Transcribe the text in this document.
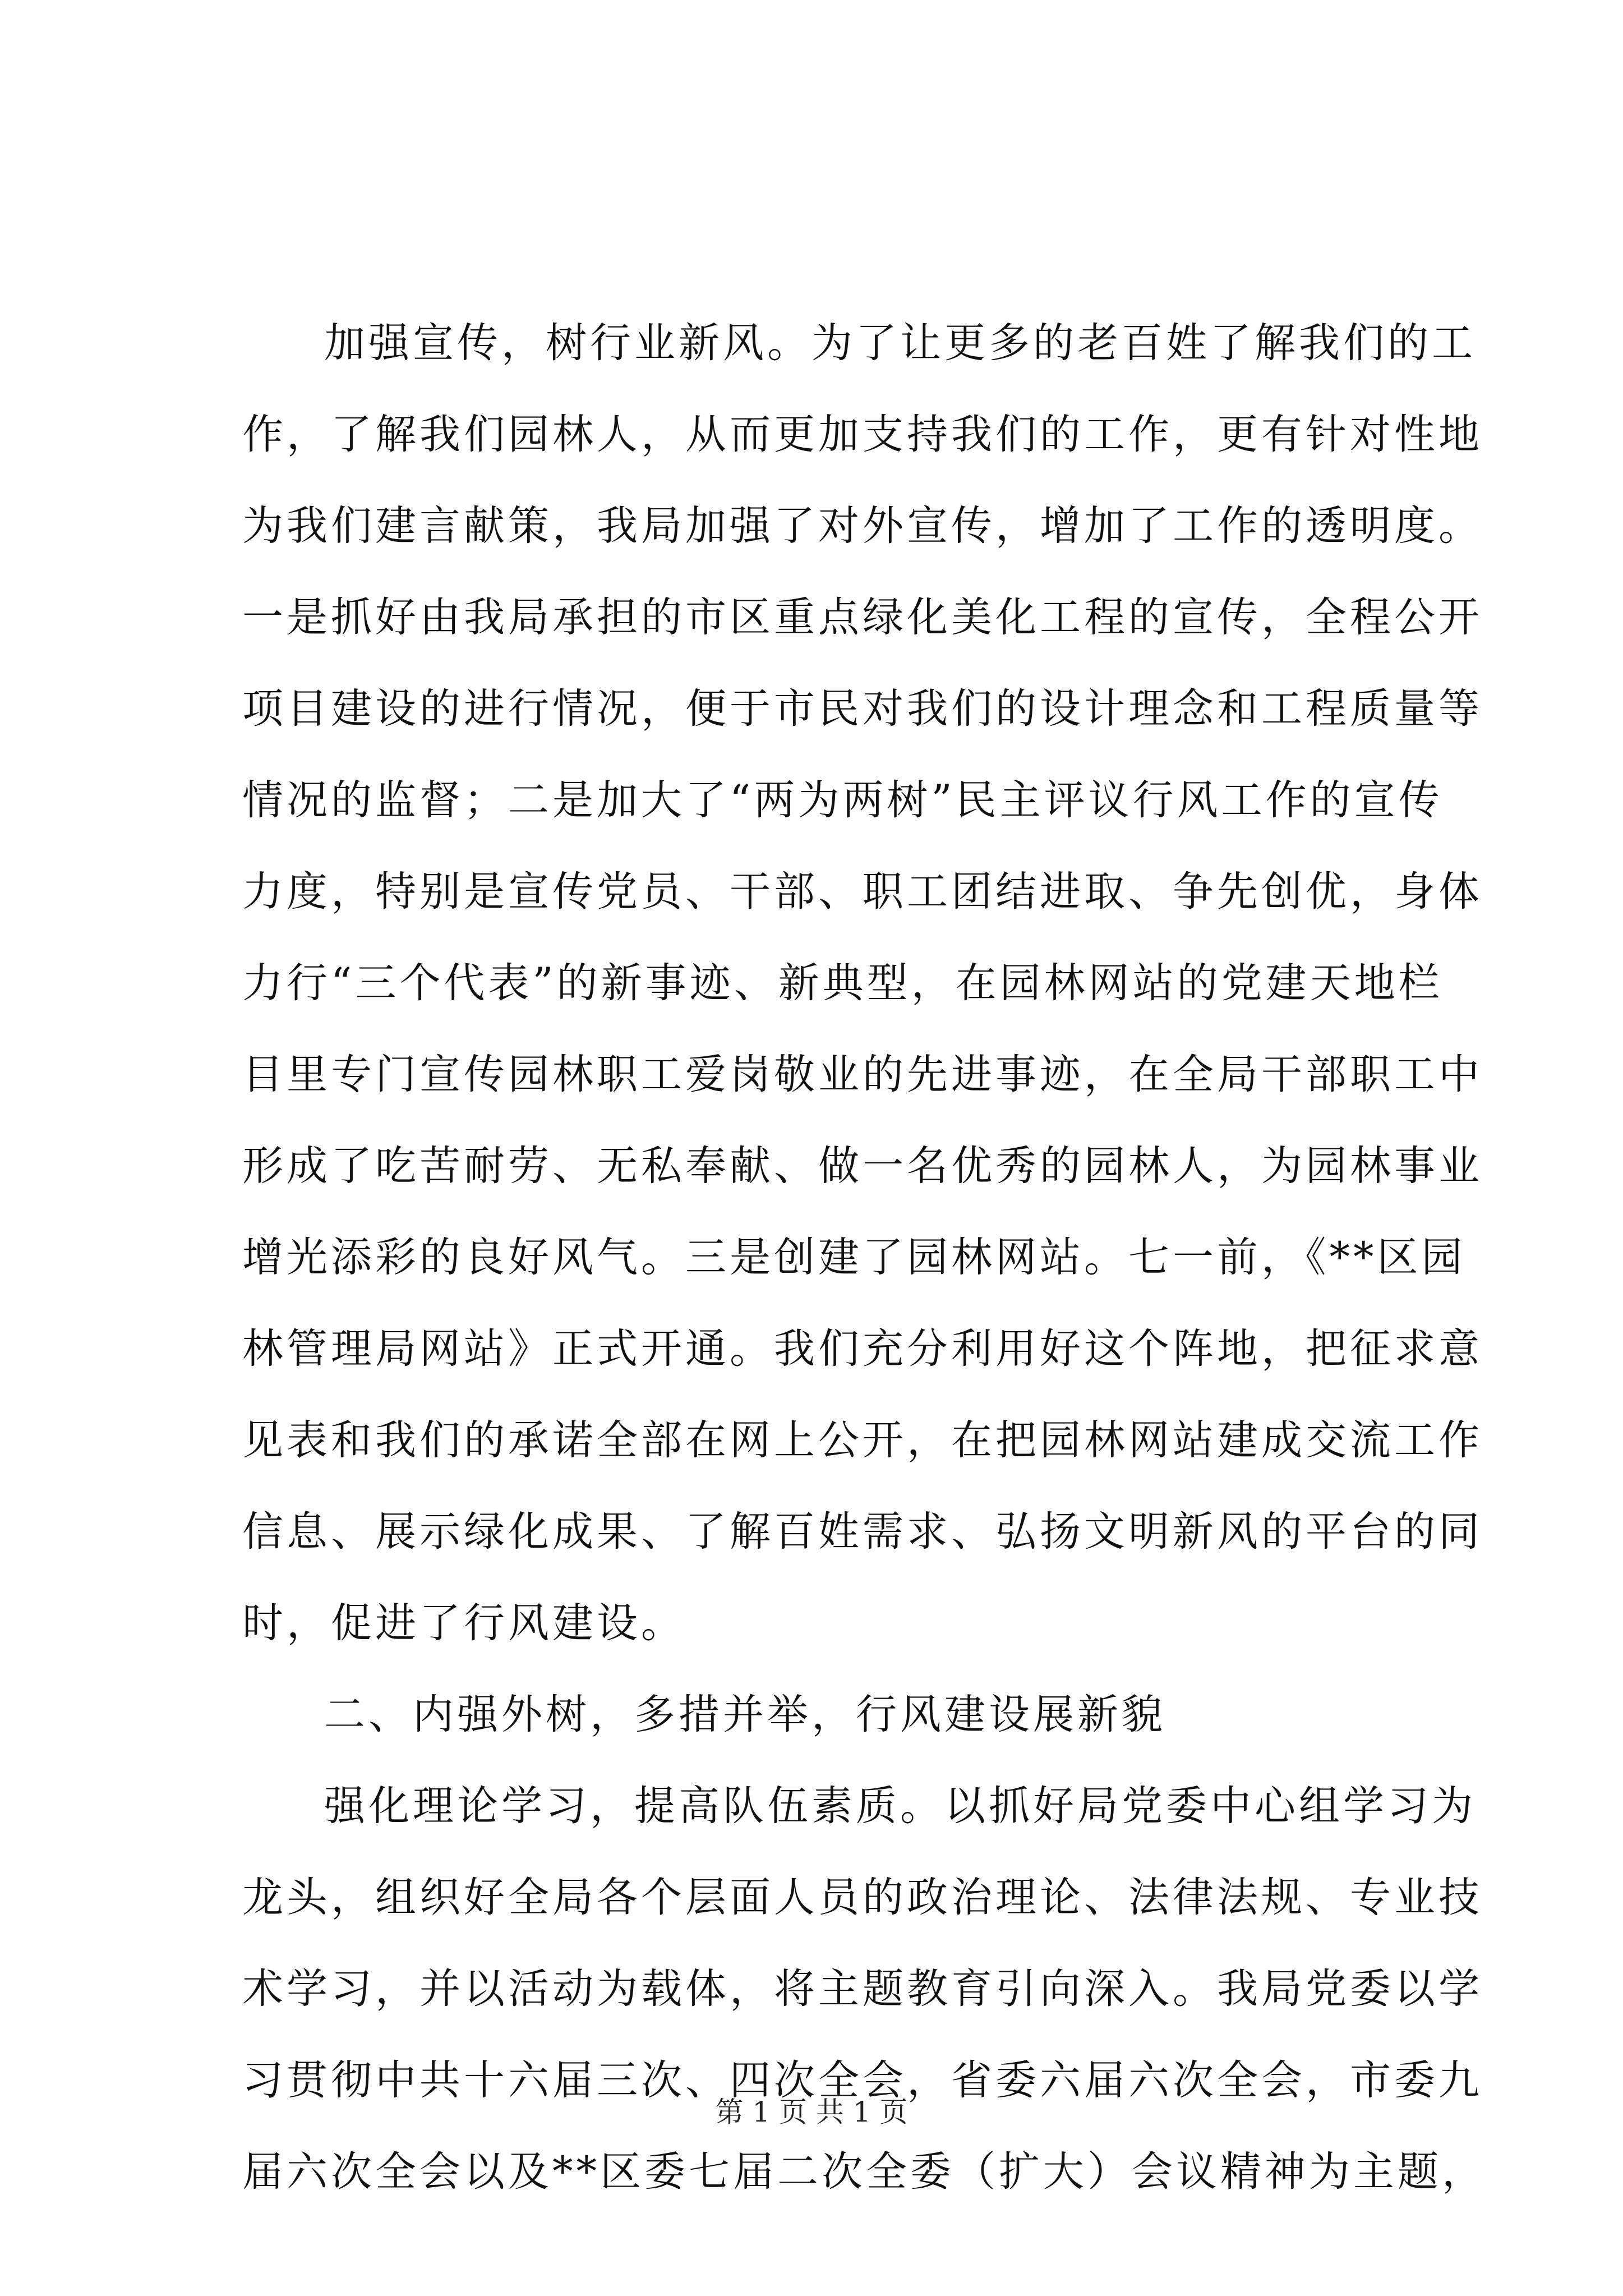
加强宣传，树行业新风。为了让更多的老百姓了解我们的工
作，了解我们园林人，从而更加支持我们的工作，更有针对性地
为我们建言献策，我局加强了对外宣传，增加了工作的透明度。
一是抓好由我局承担的市区重点绿化美化工程的宣传，全程公开
项目建设的进行情况，便于市民对我们的设计理念和工程质量等
情况的监督；二是加大了“两为两树”民主评议行风工作的宣传
力度，特别是宣传党员、干部、职工团结进取、争先创优，身体
力行“三个代表”的新事迹、新典型，在园林网站的党建天地栏
目里专门宣传园林职工爱岗敬业的先进事迹，在全局干部职工中
形成了吃苦耐劳、无私奉献、做一名优秀的园林人，为园林事业
增光添彩的良好风气。三是创建了园林网站。七一前，《**区园
林管理局网站》正式开通。我们充分利用好这个阵地，把征求意
见表和我们的承诺全部在网上公开，在把园林网站建成交流工作
信息、展示绿化成果、了解百姓需求、弘扬文明新风的平台的同
时，促进了行风建设。
二、内强外树，多措并举，行风建设展新貌
强化理论学习，提高队伍素质。以抓好局党委中心组学习为
龙头，组织好全局各个层面人员的政治理论、法律法规、专业技
术学习，并以活动为载体，将主题教育引向深入。我局党委以学
习贯彻中共十六届三次、四次全会，省委六届六次全会，市委九
届六次全会以及**区委七届二次全委（扩大）会议精神为主题，
第 1 页 共 1 页
